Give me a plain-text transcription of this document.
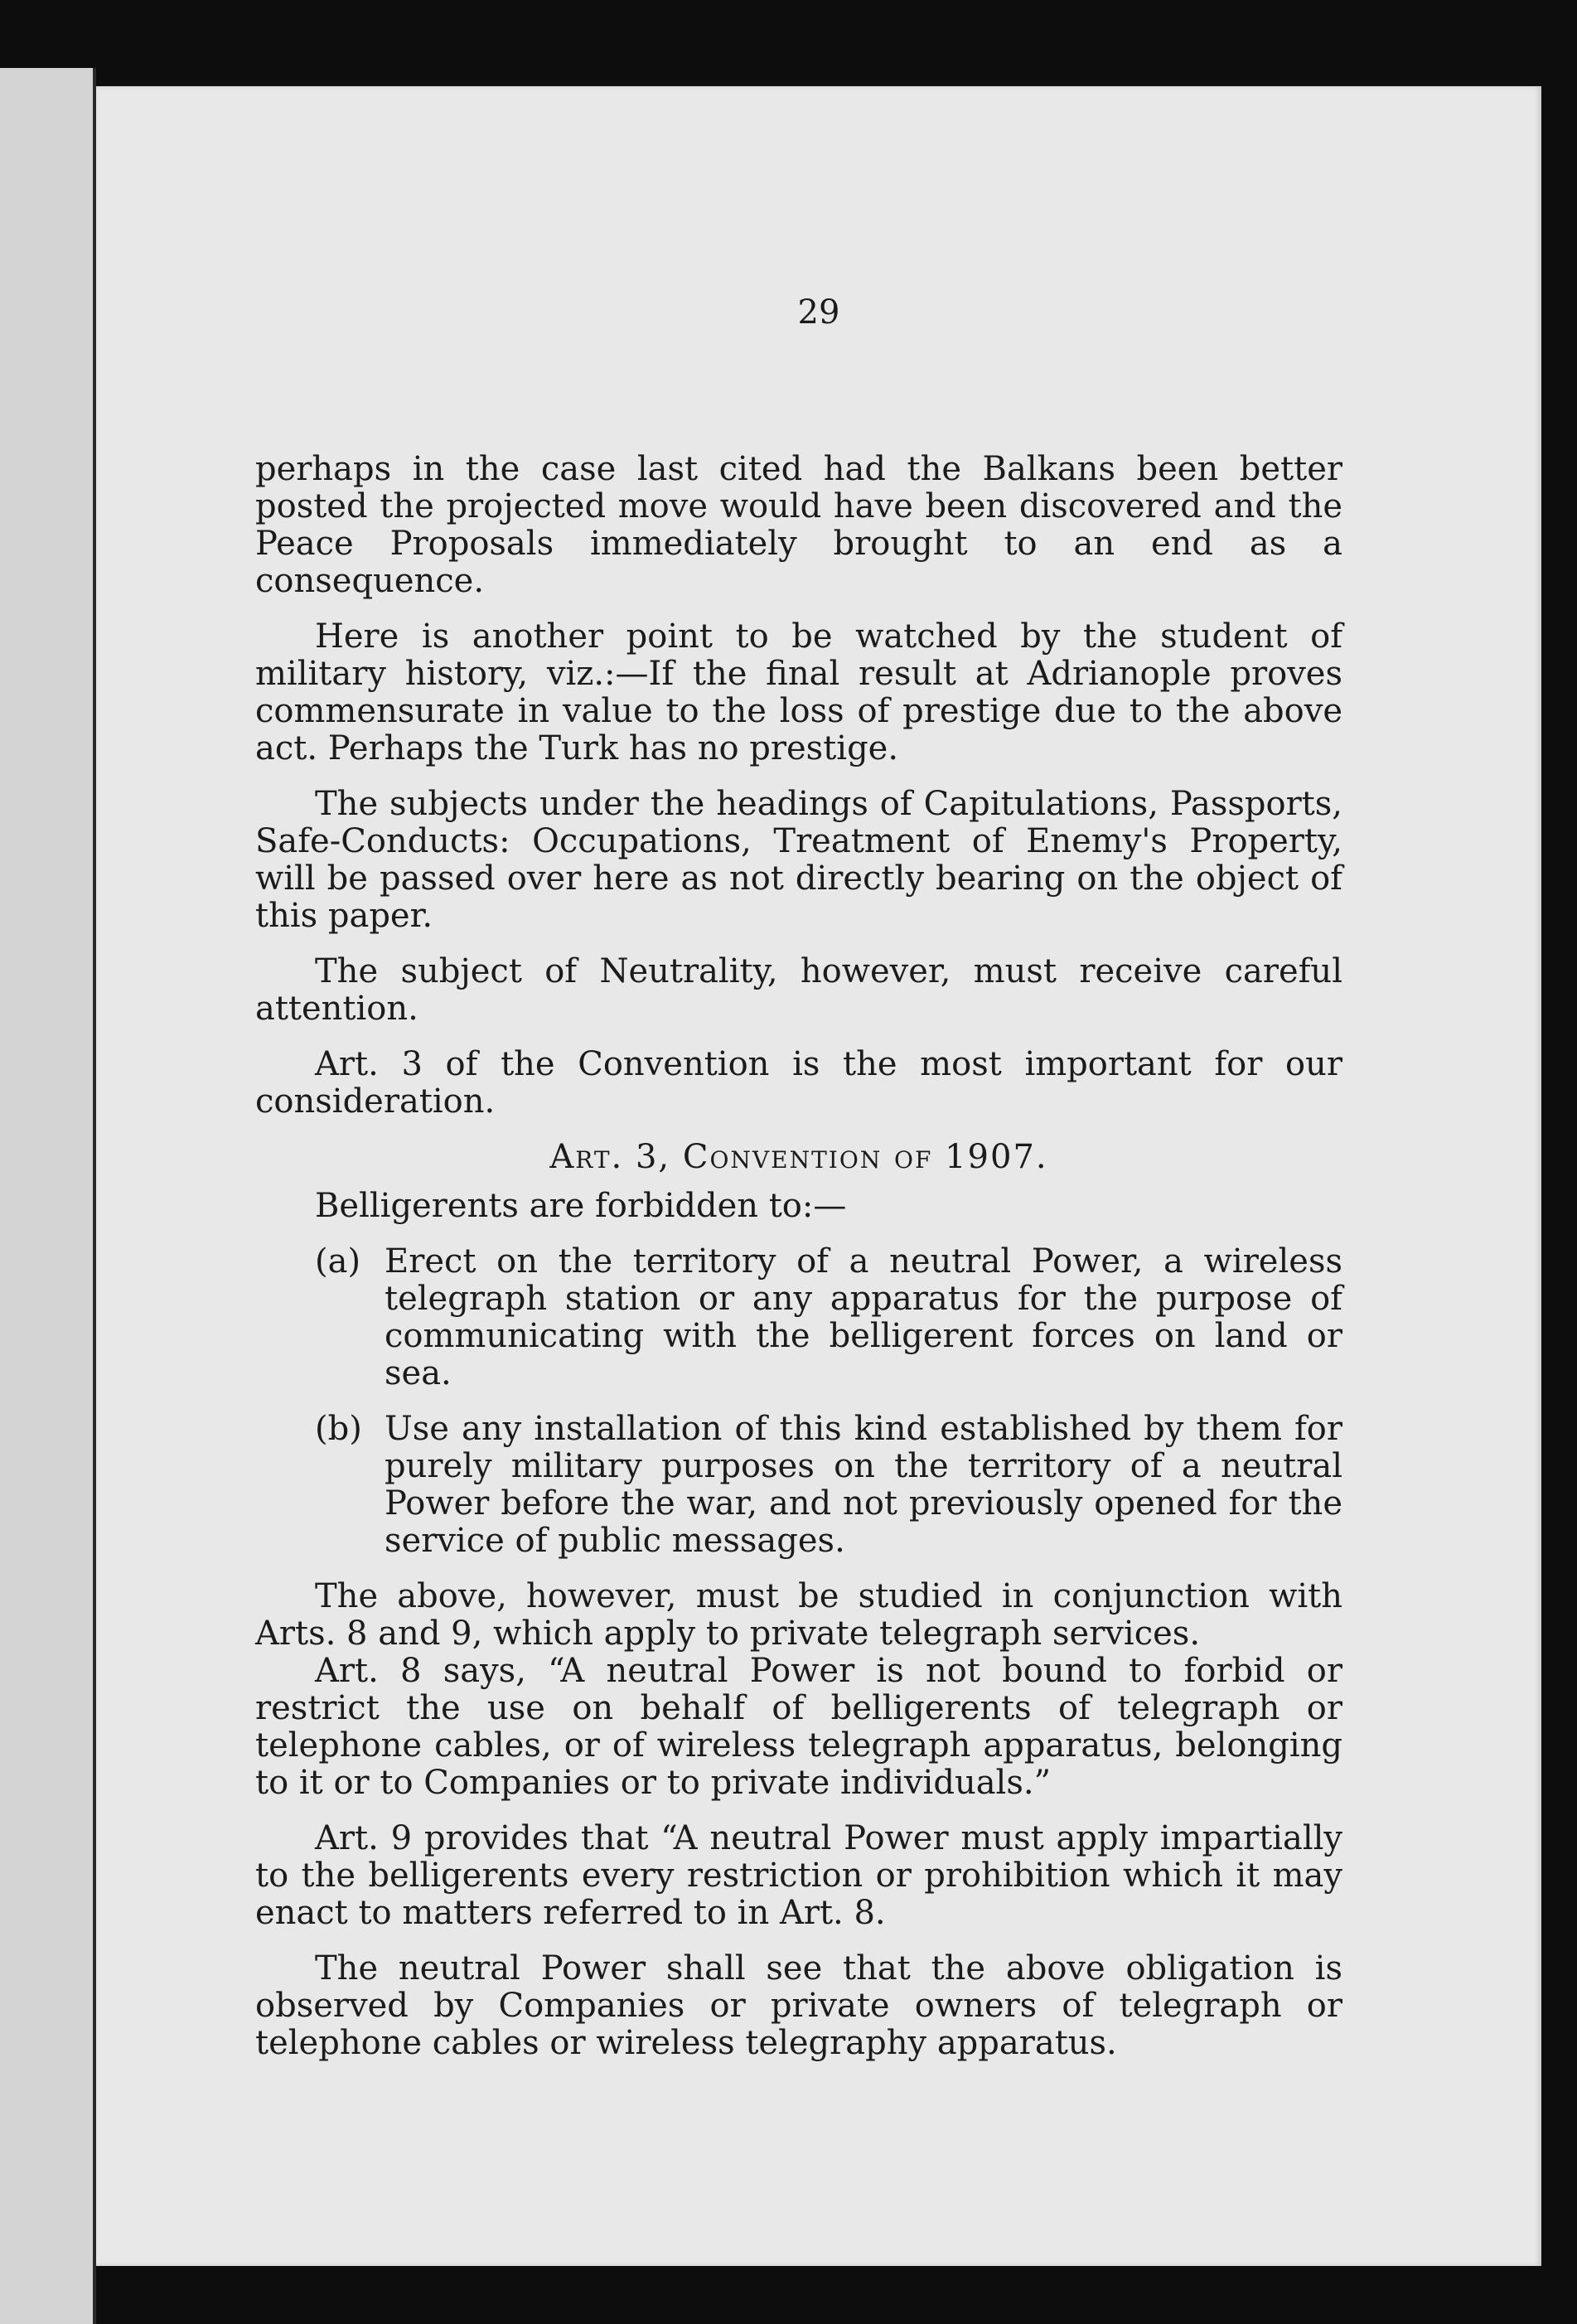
29

perhaps in the case last cited had the Balkans been better posted the projected move would have been discovered and the Peace Proposals immediately brought to an end as a consequence.

Here is another point to be watched by the student of military history, viz.:—If the final result at Adrianople proves commensurate in value to the loss of prestige due to the above act. Perhaps the Turk has no prestige.

The subjects under the headings of Capitulations, Passports, Safe-Conducts: Occupations, Treatment of Enemy's Property, will be passed over here as not directly bearing on the object of this paper.

The subject of Neutrality, however, must receive careful attention.

Art. 3 of the Convention is the most important for our consideration.

Art. 3, Convention of 1907.

Belligerents are forbidden to:—

(a) Erect on the territory of a neutral Power, a wireless telegraph station or any apparatus for the purpose of communicating with the belligerent forces on land or sea.
(b) Use any installation of this kind established by them for purely military purposes on the territory of a neutral Power before the war, and not previously opened for the service of public messages.

The above, however, must be studied in conjunction with Arts. 8 and 9, which apply to private telegraph services.

Art. 8 says, “A neutral Power is not bound to forbid or restrict the use on behalf of belligerents of telegraph or telephone cables, or of wireless telegraph apparatus, belonging to it or to Companies or to private individuals.”

Art. 9 provides that “A neutral Power must apply impartially to the belligerents every restriction or prohibition which it may enact to matters referred to in Art. 8.

The neutral Power shall see that the above obligation is observed by Companies or private owners of telegraph or telephone cables or wireless telegraphy apparatus.
